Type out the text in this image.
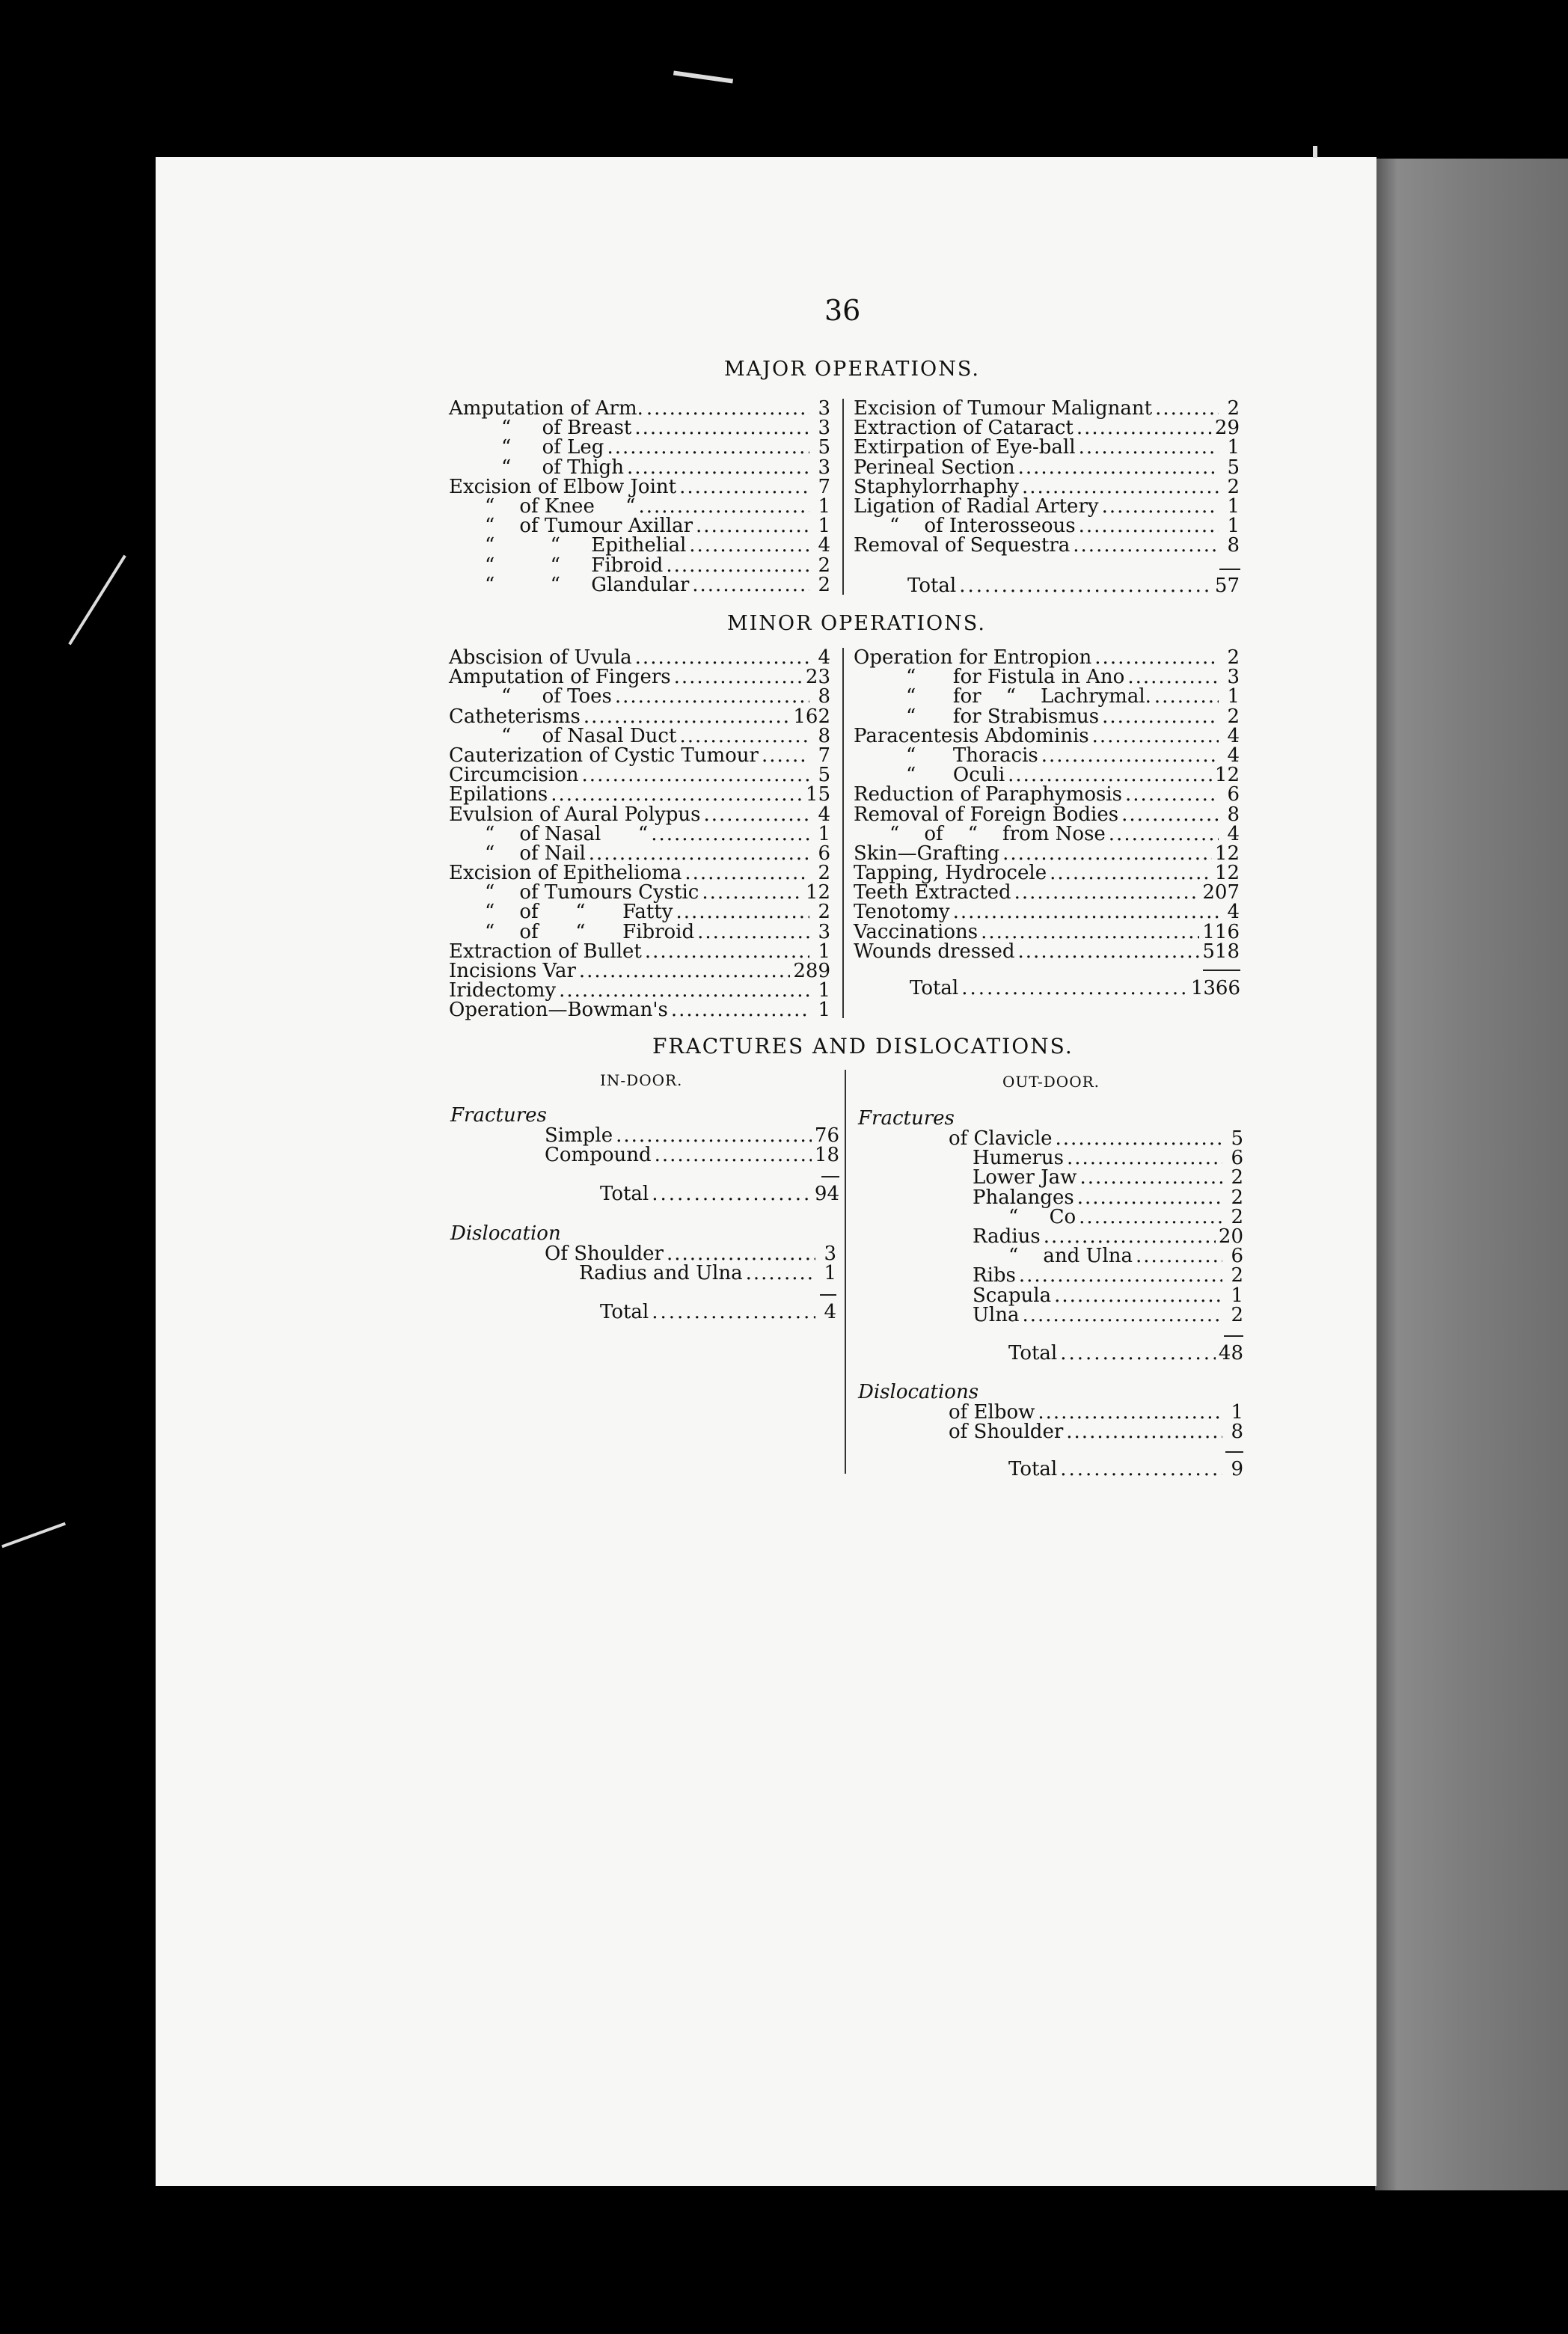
36
MAJOR OPERATIONS.
Amputation of Arm. .....	3
“     of Breast .....	3
“     of Leg .....	5
“     of Thigh .....	3
Excision of Elbow Joint .....	7
“    of Knee     “ .....	1
“    of Tumour Axillar .....	1
“         “     Epithelial .....	4
“         “     Fibroid .....	2
“         “     Glandular .....	2
Excision of Tumour Malignant .....	2
Extraction of Cataract .....	29
Extirpation of Eye-ball .....	1
Perineal Section .....	5
Staphylorrhaphy .....	2
Ligation of Radial Artery .....	1
“    of Interosseous .....	1
Removal of Sequestra .....	8
Total .....	57
MINOR OPERATIONS.
Abscision of Uvula .....	4
Amputation of Fingers .....	23
“     of Toes .....	8
Catheterisms .....	162
“     of Nasal Duct .....	8
Cauterization of Cystic Tumour .....	7
Circumcision .....	5
Epilations .....	15
Evulsion of Aural Polypus .....	4
“    of Nasal      “ .....	1
“    of Nail .....	6
Excision of Epithelioma .....	2
“    of Tumours Cystic .....	12
“    of      “      Fatty .....	2
“    of      “      Fibroid .....	3
Extraction of Bullet .....	1
Incisions Var .....	289
Iridectomy .....	1
Operation—Bowman's .....	1
Operation for Entropion .....	2
“      for Fistula in Ano .....	3
“      for    “    Lachrymal. .....	1
“      for Strabismus .....	2
Paracentesis Abdominis .....	4
“      Thoracis .....	4
“      Oculi .....	12
Reduction of Paraphymosis .....	6
Removal of Foreign Bodies .....	8
“    of    “    from Nose .....	4
Skin—Grafting .....	12
Tapping, Hydrocele .....	12
Teeth Extracted .....	207
Tenotomy .....	4
Vaccinations .....	116
Wounds dressed .....	518
Total .....	1366
FRACTURES AND DISLOCATIONS.
IN-DOOR.
Fractures
Simple .....	76
Compound .....	18
Total .....	94
Dislocation
Of Shoulder .....	3
Radius and Ulna .....	1
Total .....	4
OUT-DOOR.
Fractures
of Clavicle .....	5
Humerus .....	6
Lower Jaw .....	2
Phalanges .....	2
“     Co .....	2
Radius .....	20
“    and Ulna .....	6
Ribs .....	2
Scapula .....	1
Ulna .....	2
Total .....	48
Dislocations
of Elbow .....	1
of Shoulder .....	8
Total .....	9
